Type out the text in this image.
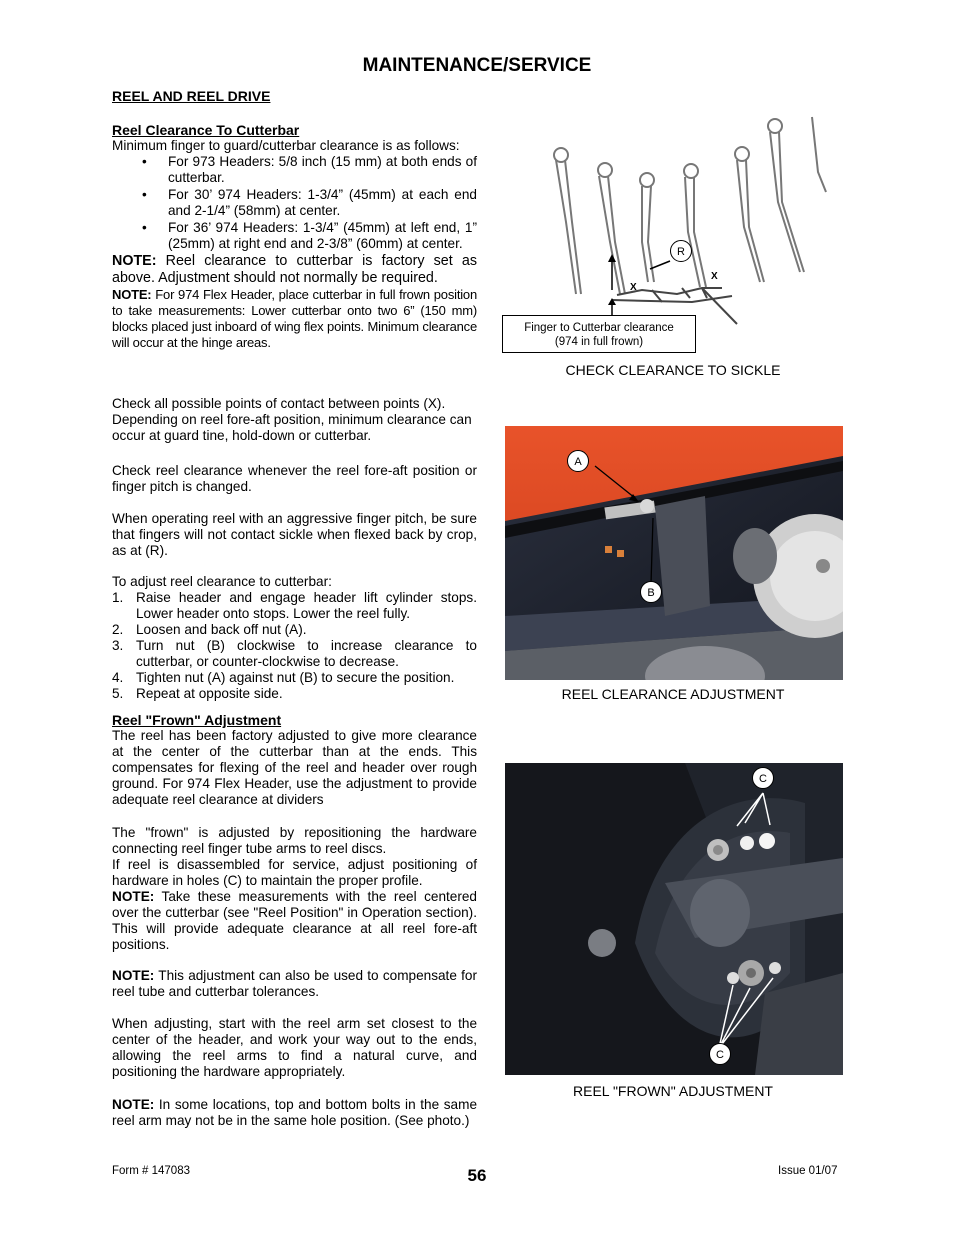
MAINTENANCE/SERVICE
REEL AND REEL DRIVE
Reel Clearance To Cutterbar

Minimum finger to guard/cutterbar clearance is as follows:

• For 973 Headers: 5/8 inch (15 mm) at both ends of cutterbar.
• For 30’ 974 Headers: 1-3/4” (45mm) at each end and 2-1/4” (58mm) at center.
• For 36’ 974 Headers: 1-3/4” (45mm) at left end, 1” (25mm) at right end and 2-3/8” (60mm) at center.

NOTE: Reel clearance to cutterbar is factory set as above. Adjustment should not normally be required.

NOTE: For 974 Flex Header, place cutterbar in full frown position to take measurements: Lower cutterbar onto two 6” (150 mm) blocks placed just inboard of wing flex points. Minimum clearance will occur at the hinge areas.

Check all possible points of contact between points (X). Depending on reel fore-aft position, minimum clearance can occur at guard tine, hold-down or cutterbar.
Check reel clearance whenever the reel fore-aft position or finger pitch is changed.
When operating reel with an aggressive finger pitch, be sure that fingers will not contact sickle when flexed back by crop, as at (R).
To adjust reel clearance to cutterbar:
1. Raise header and engage header lift cylinder stops. Lower header onto stops. Lower the reel fully.
2. Loosen and back off nut (A).
3. Turn nut (B) clockwise to increase clearance to cutterbar, or counter-clockwise to decrease.
4. Tighten nut (A) against nut (B) to secure the position.
5. Repeat at opposite side.
Reel "Frown" Adjustment

The reel has been factory adjusted to give more clearance at the center of the cutterbar than at the ends. This compensates for flexing of the reel and header over rough ground. For 974 Flex Header, use the adjustment to provide adequate reel clearance at dividers

The "frown" is adjusted by repositioning the hardware connecting reel finger tube arms to reel discs.

If reel is disassembled for service, adjust positioning of hardware in holes (C) to maintain the proper profile.

NOTE: Take these measurements with the reel centered over the cutterbar (see "Reel Position" in Operation section). This will provide adequate clearance at all reel fore-aft positions.

NOTE: This adjustment can also be used to compensate for reel tube and cutterbar tolerances.
When adjusting, start with the reel arm set closest to the center of the header, and work your way out to the ends, allowing the reel arms to find a natural curve, and positioning the hardware appropriately.
NOTE: In some locations, top and bottom bolts in the same reel arm may not be in the same hole position. (See photo.)
X
X
R
Finger to Cutterbar clearance
(974 in full frown)
CHECK CLEARANCE TO SICKLE
A
B
REEL CLEARANCE ADJUSTMENT
C
C
REEL "FROWN" ADJUSTMENT
Form # 147083	56	Issue 01/07
